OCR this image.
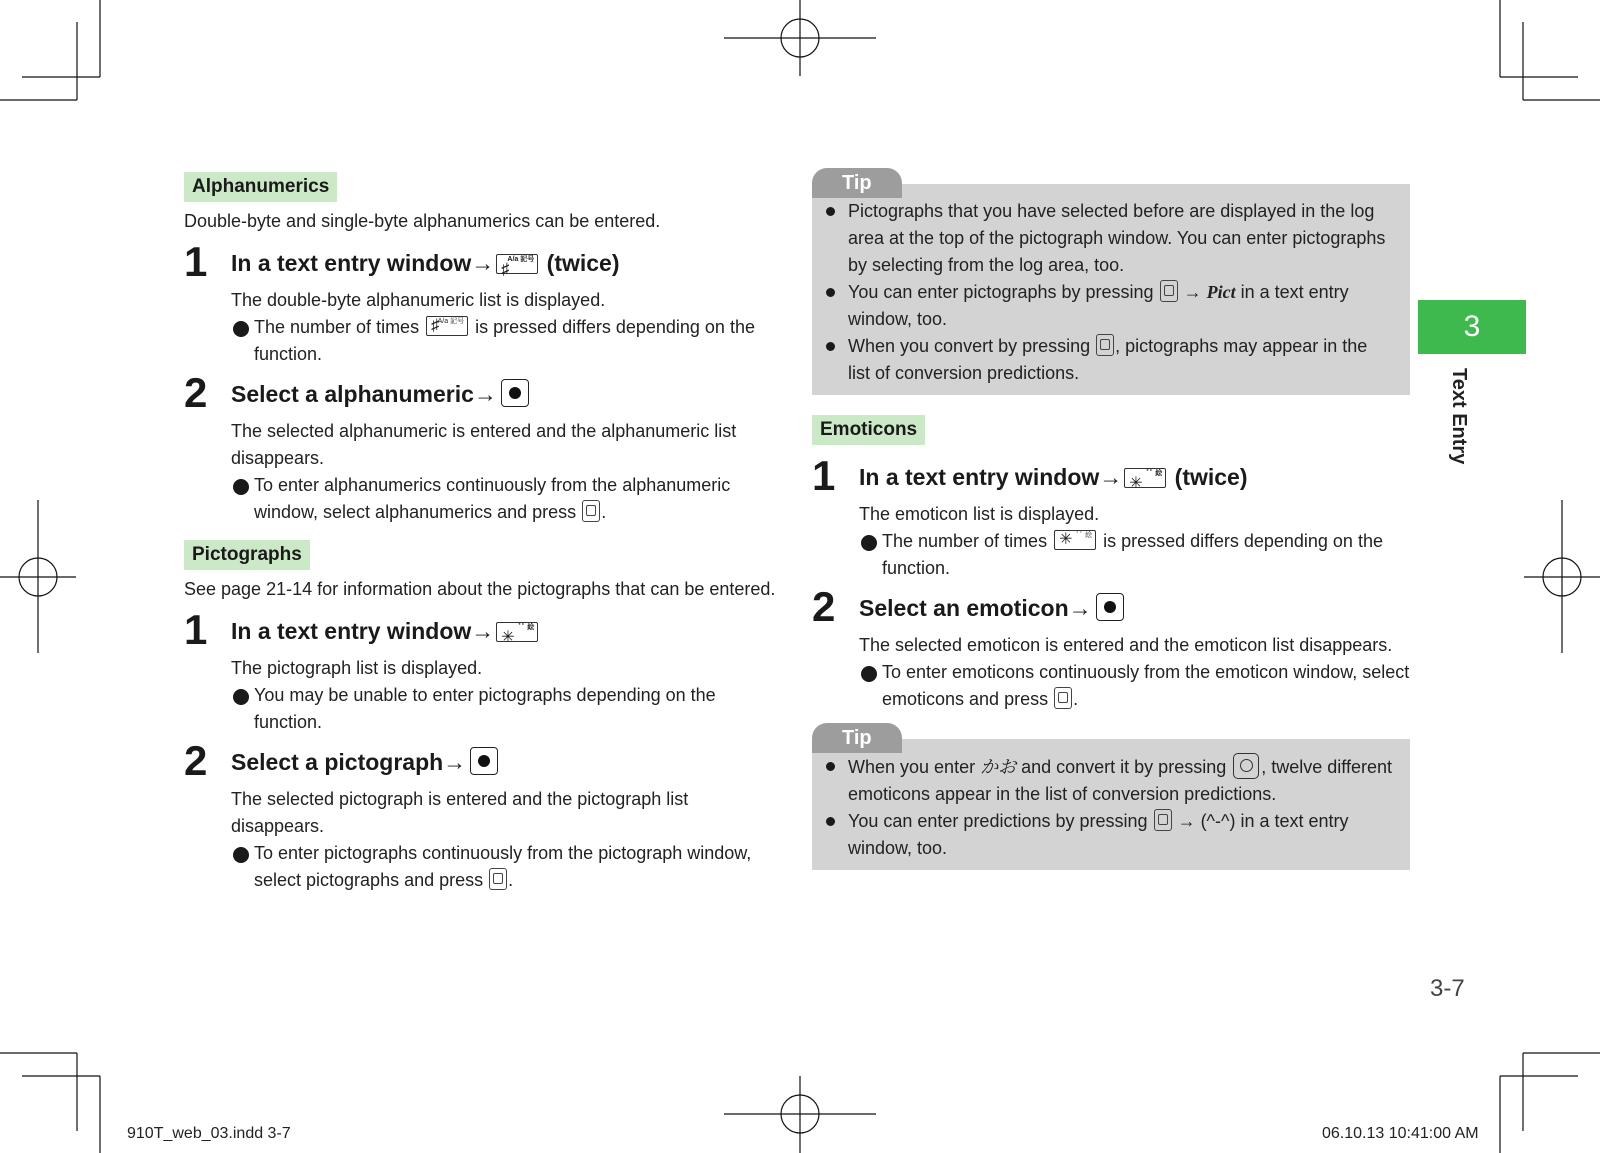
Alphanumerics
Double-byte and single-byte alphanumerics can be entered.
1 In a text entry window→ ♯
A/a 記号 (twice)
The double-byte alphanumeric list is displayed.
The number of times ♯
A/a 記号 is pressed differs depending on the function.
2 Select a alphanumeric→
The selected alphanumeric is entered and the alphanumeric list disappears.
To enter alphanumerics continuously from the alphanumeric window, select alphanumerics and press .
Pictographs
See page 21-14 for information about the pictographs that can be entered.
1 In a text entry window→ ✳
ﾞﾟ 絵
The pictograph list is displayed.
You may be unable to enter pictographs depending on the function.
2 Select a pictograph→
The selected pictograph is entered and the pictograph list disappears.
To enter pictographs continuously from the pictograph window, select pictographs and press .
Tip
Pictographs that you have selected before are displayed in the log area at the top of the pictograph window. You can enter pictographs by selecting from the log area, too.
You can enter pictographs by pressing → Pict in a text entry window, too.
When you convert by pressing , pictographs may appear in the list of conversion predictions.
Emoticons
1 In a text entry window→ ✳
ﾞﾟ 絵 (twice)
The emoticon list is displayed.
The number of times ✳ ﾞﾟ 絵 is pressed differs depending on the function.
2 Select an emoticon→
The selected emoticon is entered and the emoticon list disappears.
To enter emoticons continuously from the emoticon window, select emoticons and press .
Tip
When you enter かお and convert it by pressing , twelve different emoticons appear in the list of conversion predictions.
You can enter predictions by pressing → (^-^) in a text entry window, too.
3
Text Entry
3-7
910T_web_03.indd 3-7	06.10.13 10:41:00 AM
